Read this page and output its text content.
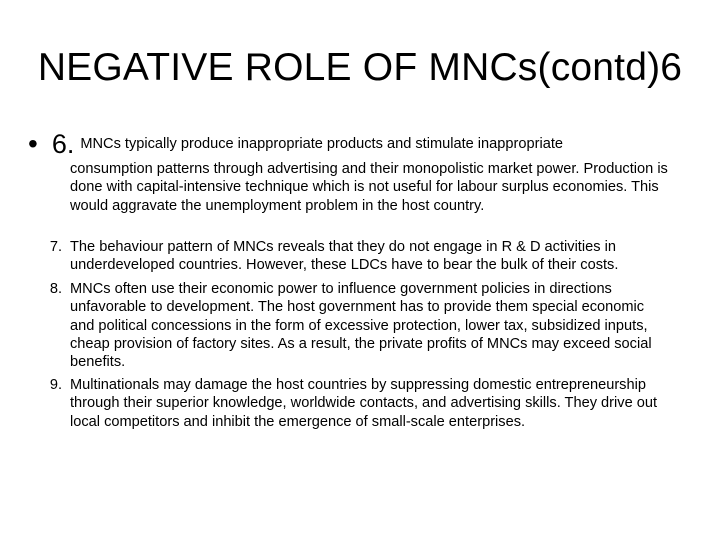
NEGATIVE ROLE OF MNCs(contd)6
• 6. MNCs typically produce inappropriate products and stimulate inappropriate
consumption patterns through advertising and their monopolistic market power. Production is done with capital-intensive technique which is not useful for labour surplus economies. This would aggravate the unemployment problem in the host country.
7. The behaviour pattern of MNCs reveals that they do not engage in R & D activities in underdeveloped countries. However, these LDCs have to bear the bulk of their costs.
8. MNCs often use their economic power to influence government policies in directions unfavorable to development. The host government has to provide them special economic and political concessions in the form of excessive protection, lower tax, subsidized inputs, cheap provision of factory sites. As a result, the private profits of MNCs may exceed social benefits.
9. Multinationals may damage the host countries by suppressing domestic entrepreneurship through their superior knowledge, worldwide contacts, and advertising skills. They drive out local competitors and inhibit the emergence of small-scale enterprises.
